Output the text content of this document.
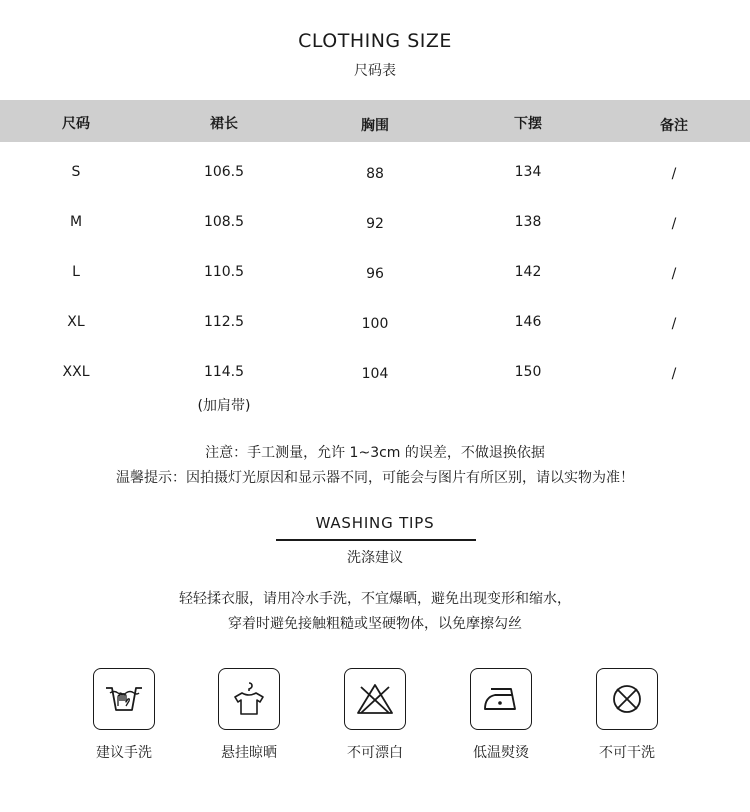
CLOTHING SIZE
尺码表
尺码	裙长	胸围	下摆	备注
S	106.5	88	134	/
M	108.5	92	138	/
L	110.5	96	142	/
XL	112.5	100	146	/
XXL	114.5	104	150	/
(加肩带)
注意：手工测量，允许 1~3cm 的误差，不做退换依据
温馨提示：因拍摄灯光原因和显示器不同，可能会与图片有所区别，请以实物为准！
WASHING TIPS
洗涤建议
轻轻揉衣服，请用冷水手洗，不宜爆晒，避免出现变形和缩水，
穿着时避免接触粗糙或坚硬物体，以免摩擦勾丝
建议手洗	悬挂晾晒	不可漂白	低温熨烫	不可干洗
